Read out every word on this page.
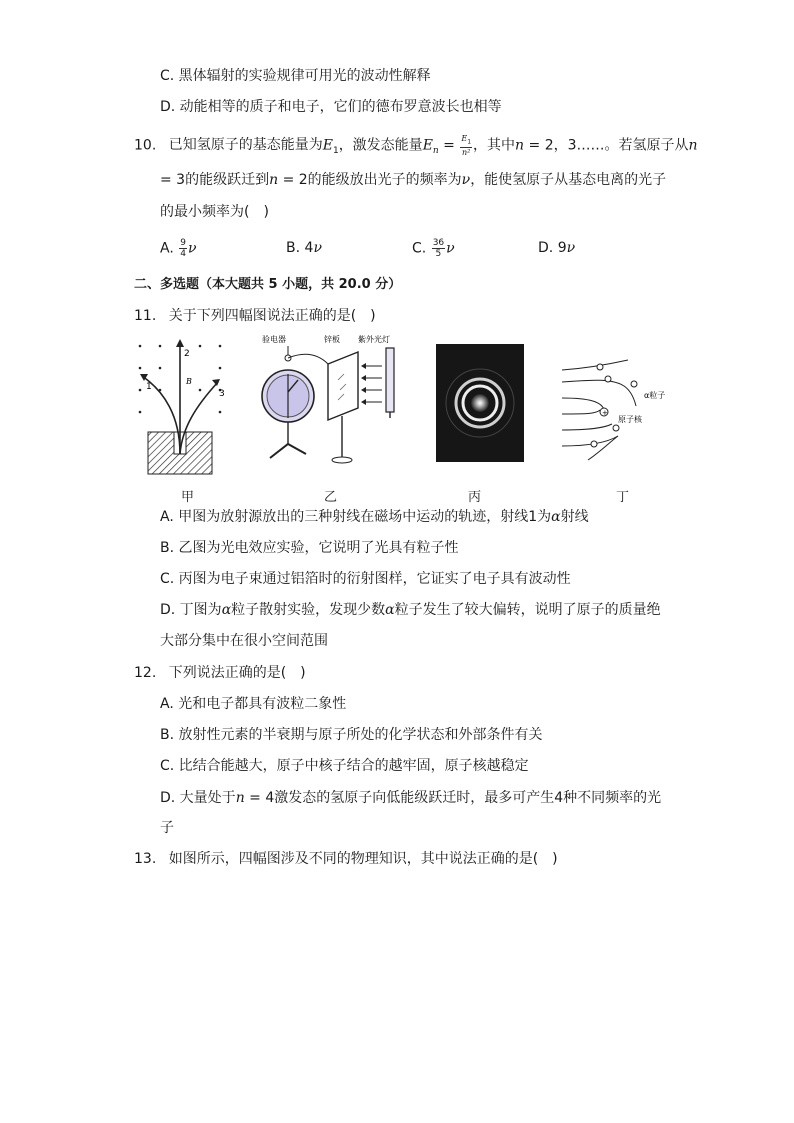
C. 黑体辐射的实验规律可用光的波动性解释
D. 动能相等的质子和电子，它们的德布罗意波长也相等
10. 已知氢原子的基态能量为$E_1$，激发态能量$E_n = \frac{E_1}{\text{n²}}$ ，其中n = 2，3……。若氢原子从n
= 3的能级跃迁到n = 2的能级放出光子的频率为ν，能使氢原子从基态电离的光子
的最小频率为(　)
A. $\frac{9}{4}$ ν	B. 4ν	C. $\frac{36}{5}$ ν	D. 9ν
二、多选题（本大题共 5 小题，共 20.0 分）
11. 关于下列四幅图说法正确的是(　)
1
2
3
B
甲
验电器	锌板 紫外光灯
乙	丙
+
α粒子
原子核
丁
A. 甲图为放射源放出的三种射线在磁场中运动的轨迹，射线1为α射线
B. 乙图为光电效应实验，它说明了光具有粒子性
C. 丙图为电子束通过铝箔时的衍射图样，它证实了电子具有波动性
D. 丁图为α粒子散射实验，发现少数α粒子发生了较大偏转，说明了原子的质量绝
大部分集中在很小空间范围
12. 下列说法正确的是(　)
A. 光和电子都具有波粒二象性
B. 放射性元素的半衰期与原子所处的化学状态和外部条件有关
C. 比结合能越大，原子中核子结合的越牢固，原子核越稳定
D. 大量处于n = 4激发态的氢原子向低能级跃迁时，最多可产生4种不同频率的光
子
13. 如图所示，四幅图涉及不同的物理知识，其中说法正确的是(　)
